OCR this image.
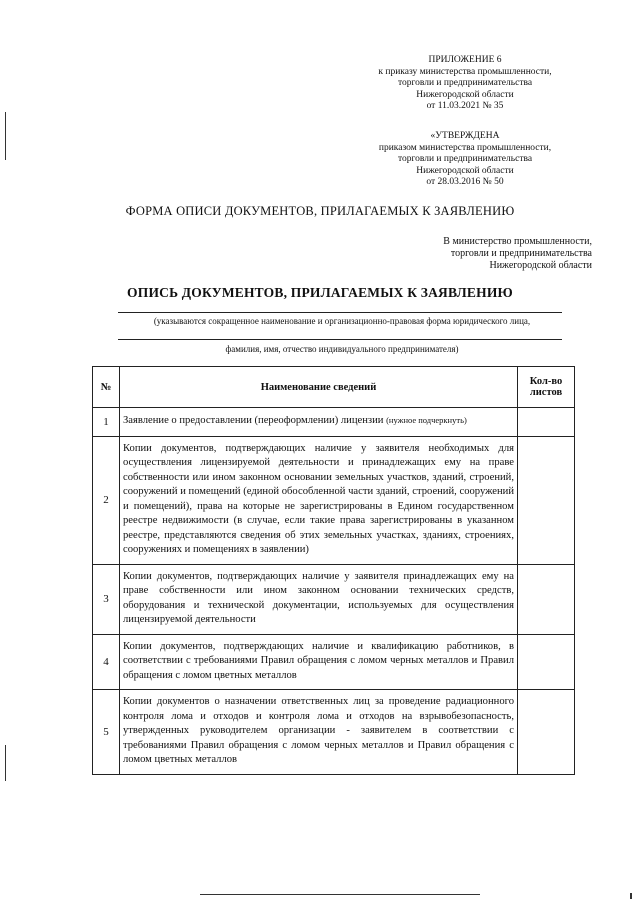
ПРИЛОЖЕНИЕ 6
к приказу министерства промышленности,
торговли и предпринимательства
Нижегородской области
от 11.03.2021 № 35
«УТВЕРЖДЕНА
приказом министерства промышленности,
торговли и предпринимательства
Нижегородской области
от 28.03.2016 № 50
ФОРМА ОПИСИ ДОКУМЕНТОВ, ПРИЛАГАЕМЫХ К ЗАЯВЛЕНИЮ
В министерство промышленности,
торговли и предпринимательства
Нижегородской области
ОПИСЬ ДОКУМЕНТОВ, ПРИЛАГАЕМЫХ К ЗАЯВЛЕНИЮ
(указываются сокращенное наименование и организационно-правовая форма юридического лица,
фамилия, имя, отчество индивидуального предпринимателя)
№	Наименование сведений	Кол-во
листов

1	Заявление о предоставлении (переоформлении) лицензии (нужное подчеркнуть)	
2	Копии документов, подтверждающих наличие у заявителя необходимых для осуществления лицензируемой деятельности и принадлежащих ему на праве собственности или ином законном основании земельных участков, зданий, строений, сооружений и помещений (единой обособленной части зданий, строений, сооружений и помещений), права на которые не зарегистрированы в Едином государственном реестре недвижимости (в случае, если такие права зарегистрированы в указанном реестре, представляются сведения об этих земельных участках, зданиях, строениях, сооружениях и помещениях в заявлении)	
3	Копии документов, подтверждающих наличие у заявителя принадлежащих ему на праве собственности или ином законном основании технических средств, оборудования и технической документации, используемых для осуществления лицензируемой деятельности	
4	Копии документов, подтверждающих наличие и квалификацию работников, в соответствии с требованиями Правил обращения с ломом черных металлов и Правил обращения с ломом цветных металлов	
5	Копии документов о назначении ответственных лиц за проведение радиационного контроля лома и отходов и контроля лома и отходов на взрывобезопасность, утвержденных руководителем организации - заявителем в соответствии с требованиями Правил обращения с ломом черных металлов и Правил обращения с ломом цветных металлов	
